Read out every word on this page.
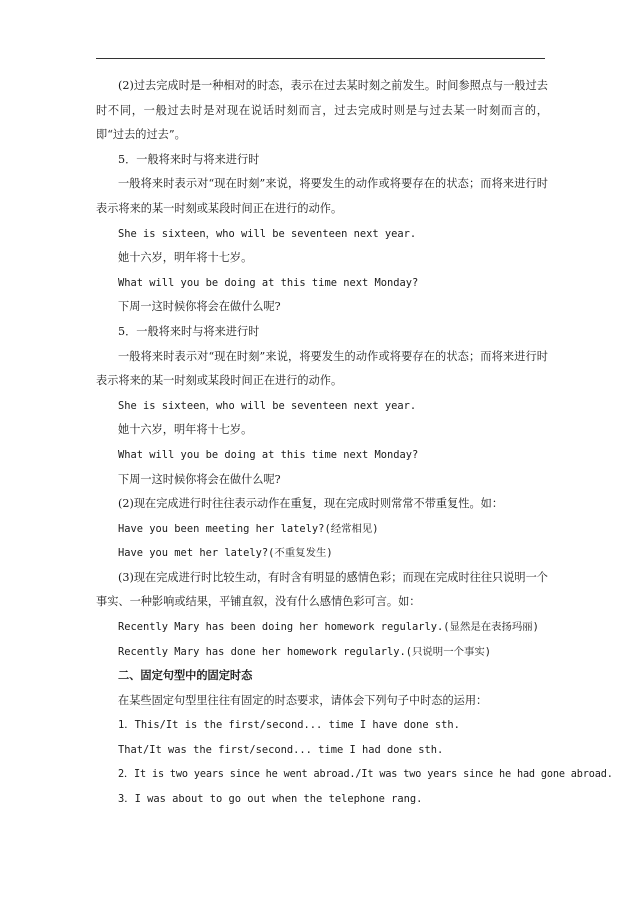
(2)过去完成时是一种相对的时态，表示在过去某时刻之前发生。时间参照点与一般过去时不同，一般过去时是对现在说话时刻而言，过去完成时则是与过去某一时刻而言的，即“过去的过去”。

5．一般将来时与将来进行时

一般将来时表示对“现在时刻”来说，将要发生的动作或将要存在的状态；而将来进行时表示将来的某一时刻或某段时间正在进行的动作。

She is sixteen，who will be seventeen next year.

她十六岁，明年将十七岁。

What will you be doing at this time next Monday?

下周一这时候你将会在做什么呢?

5．一般将来时与将来进行时

一般将来时表示对“现在时刻”来说，将要发生的动作或将要存在的状态；而将来进行时表示将来的某一时刻或某段时间正在进行的动作。

She is sixteen，who will be seventeen next year.

她十六岁，明年将十七岁。

What will you be doing at this time next Monday?

下周一这时候你将会在做什么呢?

(2)现在完成进行时往往表示动作在重复，现在完成时则常常不带重复性。如：

Have you been meeting her lately?(经常相见)

Have you met her lately?(不重复发生)

(3)现在完成进行时比较生动，有时含有明显的感情色彩；而现在完成时往往只说明一个事实、一种影响或结果，平铺直叙，没有什么感情色彩可言。如：

Recently Mary has been doing her homework regularly.(显然是在表扬玛丽)

Recently Mary has done her homework regularly.(只说明一个事实)

二、固定句型中的固定时态

在某些固定句型里往往有固定的时态要求，请体会下列句子中时态的运用：

1．This/It is the first/second... time I have done sth.

That/It was the first/second... time I had done sth.

2．It is two years since he went abroad./It was two years since he had gone abroad.

3．I was about to go out when the telephone rang.
